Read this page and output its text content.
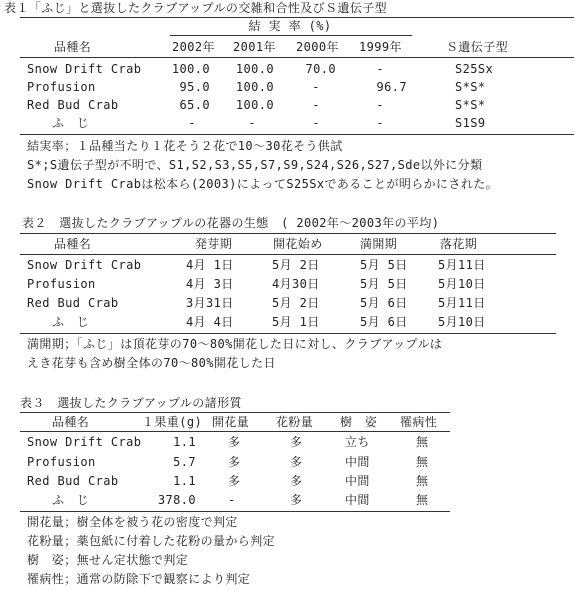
表１「ふじ」と選抜したクラブアップルの交雑和合性及びＳ遺伝子型
結 実 率 (%)
品種名	2002年 2001年 2000年 1999年	Ｓ遺伝子型
Snow Drift Crab	100.0	100.0	70.0	-	S25Sx
Profusion	95.0	100.0	-	96.7	S*S*
Red Bud Crab	65.0	100.0	-	-	S*S*
ふ　じ	-	-	-	-	S1S9
結実率；１品種当たり１花そう２花で10～30花そう供試
S*;S遺伝子型が不明で、S1,S2,S3,S5,S7,S9,S24,S26,S27,Sde以外に分類
Snow Drift Crabは松本ら(2003)によってS25Sxであることが明らかにされた。
表２　選抜したクラブアップルの花器の生態　( 2002年～2003年の平均)
品種名	発芽期	開花始め	満開期	落花期
Snow Drift Crab	4月 1日	5月 2日	5月 5日	5月11日
Profusion	4月 3日	4月30日	5月 5日	5月10日
Red Bud Crab	3月31日	5月 2日	5月 6日	5月11日
ふ　じ	4月 4日	5月 1日	5月 6日	5月10日
満開期；「ふじ」は頂花芽の70～80%開花した日に対し、クラブアップルは
えき花芽も含め樹全体の70～80%開花した日
表３　選抜したクラブアップルの諸形質
品種名	１果重(g) 開花量 花粉量 樹　姿 罹病性
Snow Drift Crab	1.1	多	多	立ち	無
Profusion	5.7	多	多	中間	無
Red Bud Crab	1.1	多	多	中間	無
ふ　じ	378.0	-	多	中間	無
開花量；樹全体を被う花の密度で判定
花粉量；薬包紙に付着した花粉の量から判定
樹　姿；無せん定状態で判定
罹病性；通常の防除下で観察により判定
